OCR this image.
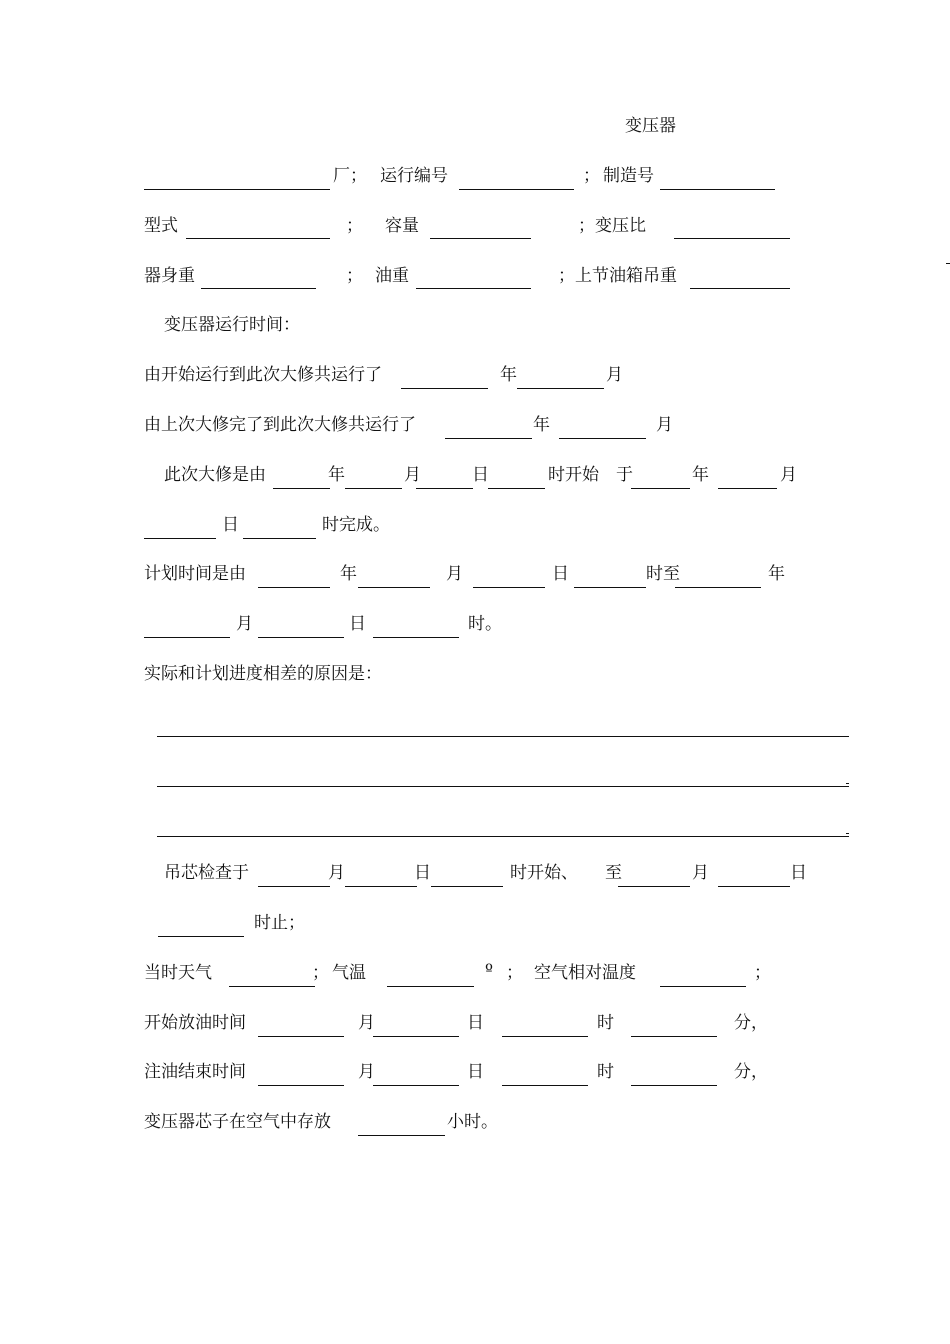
变压器
厂； 运行编号	； 制造号
型式	； 容量	；变压比
器身重	； 油重	；上节油箱吊重
变压器运行时间：
由开始运行到此次大修共运行了	年	月
由上次大修完了到此次大修共运行了	年	月
此次大修是由	年	月	日	时开始 于	年	月
日	时完成。
计划时间是由	年	月	日	时至	年
月	日	时。
实际和计划进度相差的原因是：
吊芯检查于	月	日	时开始、 至	月	日
时止；
当时天气	； 气温	º ； 空气相对温度	；
开始放油时间	月	日	时	分，
注油结束时间	月	日	时	分，
变压器芯子在空气中存放	小时。
